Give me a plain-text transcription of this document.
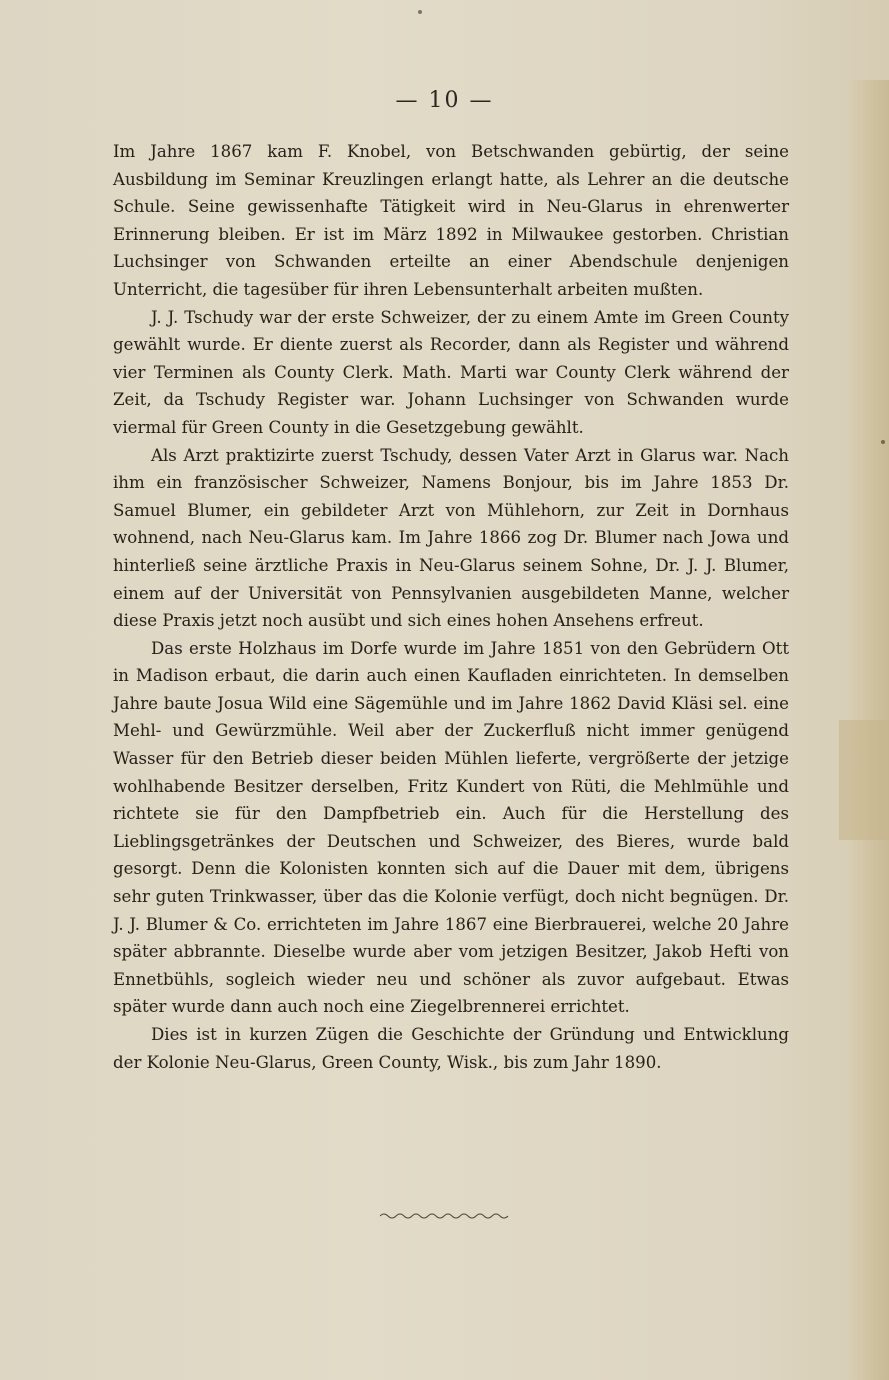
— 10 —

Im Jahre 1867 kam F. Knobel, von Betschwanden gebürtig, der seine Ausbildung im Seminar Kreuzlingen erlangt hatte, als Lehrer an die deutsche Schule. Seine gewissenhafte Tätigkeit wird in Neu-Glarus in ehrenwerter Erinnerung bleiben. Er ist im März 1892 in Milwaukee gestorben. Christian Luchsinger von Schwanden erteilte an einer Abendschule denjenigen Unterricht, die tagesüber für ihren Lebensunterhalt arbeiten mußten.

J. J. Tschudy war der erste Schweizer, der zu einem Amte im Green County gewählt wurde. Er diente zuerst als Recorder, dann als Register und während vier Terminen als County Clerk. Math. Marti war County Clerk während der Zeit, da Tschudy Register war. Johann Luchsinger von Schwanden wurde viermal für Green County in die Gesetzgebung gewählt.

Als Arzt praktizirte zuerst Tschudy, dessen Vater Arzt in Glarus war. Nach ihm ein französischer Schweizer, Namens Bonjour, bis im Jahre 1853 Dr. Samuel Blumer, ein gebildeter Arzt von Mühlehorn, zur Zeit in Dornhaus wohnend, nach Neu-Glarus kam. Im Jahre 1866 zog Dr. Blumer nach Jowa und hinterließ seine ärztliche Praxis in Neu-Glarus seinem Sohne, Dr. J. J. Blumer, einem auf der Universität von Pennsylvanien ausgebildeten Manne, welcher diese Praxis jetzt noch ausübt und sich eines hohen Ansehens erfreut.

Das erste Holzhaus im Dorfe wurde im Jahre 1851 von den Gebrüdern Ott in Madison erbaut, die darin auch einen Kaufladen einrichteten. In demselben Jahre baute Josua Wild eine Sägemühle und im Jahre 1862 David Kläsi sel. eine Mehl- und Gewürzmühle. Weil aber der Zuckerfluß nicht immer genügend Wasser für den Betrieb dieser beiden Mühlen lieferte, vergrößerte der jetzige wohlhabende Besitzer derselben, Fritz Kundert von Rüti, die Mehlmühle und richtete sie für den Dampfbetrieb ein. Auch für die Herstellung des Lieblingsgetränkes der Deutschen und Schweizer, des Bieres, wurde bald gesorgt. Denn die Kolonisten konnten sich auf die Dauer mit dem, übrigens sehr guten Trinkwasser, über das die Kolonie verfügt, doch nicht begnügen. Dr. J. J. Blumer & Co. errichteten im Jahre 1867 eine Bierbrauerei, welche 20 Jahre später abbrannte. Dieselbe wurde aber vom jetzigen Besitzer, Jakob Hefti von Ennetbühls, sogleich wieder neu und schöner als zuvor aufgebaut. Etwas später wurde dann auch noch eine Ziegelbrennerei errichtet.

Dies ist in kurzen Zügen die Geschichte der Gründung und Entwicklung der Kolonie Neu-Glarus, Green County, Wisk., bis zum Jahr 1890.
